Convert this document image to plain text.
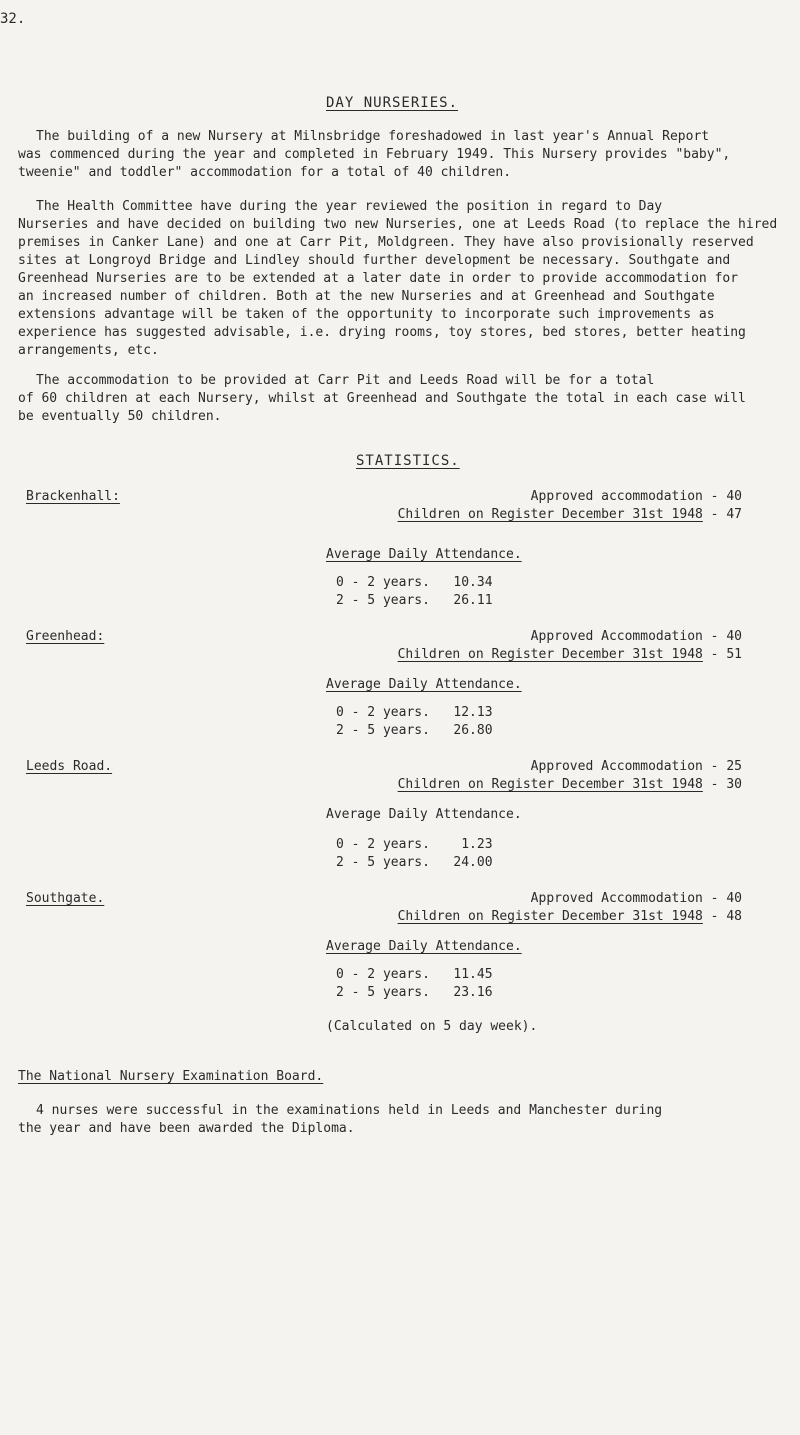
32.
DAY NURSERIES.
The building of a new Nursery at Milnsbridge foreshadowed in last year's Annual Report
was commenced during the year and completed in February 1949. This Nursery provides "baby",
tweenie" and toddler" accommodation for a total of 40 children.
The Health Committee have during the year reviewed the position in regard to Day
Nurseries and have decided on building two new Nurseries, one at Leeds Road (to replace the hired
premises in Canker Lane) and one at Carr Pit, Moldgreen. They have also provisionally reserved
sites at Longroyd Bridge and Lindley should further development be necessary. Southgate and
Greenhead Nurseries are to be extended at a later date in order to provide accommodation for
an increased number of children. Both at the new Nurseries and at Greenhead and Southgate
extensions advantage will be taken of the opportunity to incorporate such improvements as
experience has suggested advisable, i.e. drying rooms, toy stores, bed stores, better heating
arrangements, etc.
The accommodation to be provided at Carr Pit and Leeds Road will be for a total
of 60 children at each Nursery, whilst at Greenhead and Southgate the total in each case will
be eventually 50 children.
STATISTICS.
Brackenhall:	Approved accommodation - 40
Children on Register December 31st 1948 - 47
Average Daily Attendance.
0 - 2 years. 10.34
2 - 5 years. 26.11
Greenhead:	Approved Accommodation - 40
Children on Register December 31st 1948 - 51
Average Daily Attendance.
0 - 2 years. 12.13
2 - 5 years. 26.80
Leeds Road.	Approved Accommodation - 25
Children on Register December 31st 1948 - 30
Average Daily Attendance.
0 - 2 years. 1.23
2 - 5 years. 24.00
Southgate.	Approved Accommodation - 40
Children on Register December 31st 1948 - 48
Average Daily Attendance.
0 - 2 years. 11.45
2 - 5 years. 23.16
(Calculated on 5 day week).
The National Nursery Examination Board.
4 nurses were successful in the examinations held in Leeds and Manchester during
the year and have been awarded the Diploma.
